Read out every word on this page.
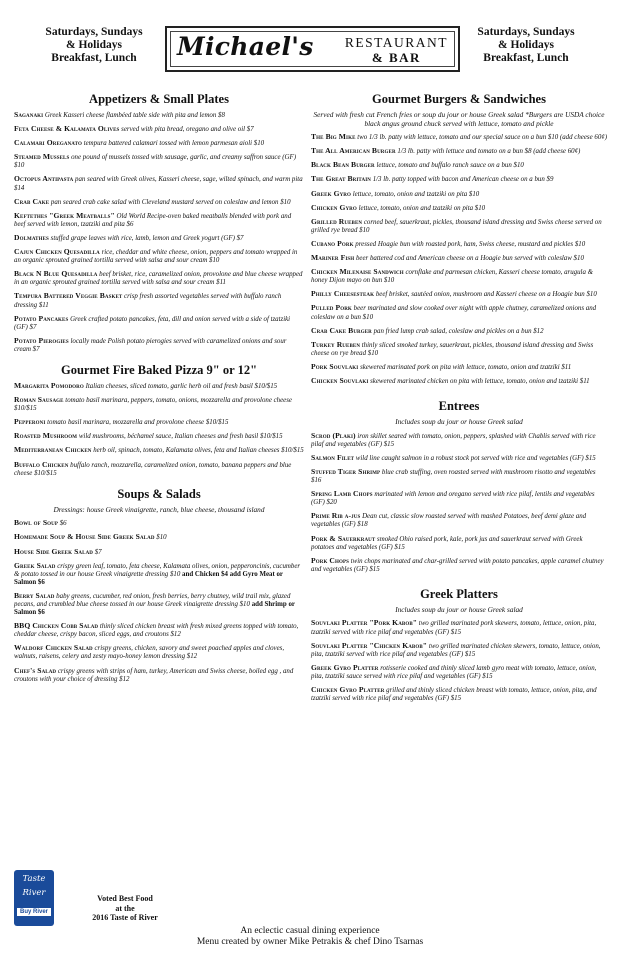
Saturdays, Sundays
& Holidays
Breakfast, Lunch	Michael's RESTAURANT
& BAR
Saturdays, Sundays
& Holidays
Breakfast, Lunch
Appetizers & Small Plates
Saganaki Greek Kasseri cheese flambéed table side with pita and lemon $8
Feta Cheese & Kalamata Olives served with pita bread, oregano and olive oil $7
Calamari Oreganato tempura battered calamari tossed with lemon parmesan aioli $10
Steamed Mussels one pound of mussels tossed with sausage, garlic, and creamy saffron sauce (GF) $10
Octopus Antipasta pan seared with Greek olives, Kasseri cheese, sage, wilted spinach, and warm pita $14
Crab Cake pan seared crab cake salad with Cleveland mustard served on coleslaw and lemon $10
Keftethes "Greek Meatballs" Old World Recipe-oven baked meatballs blended with pork and beef served with lemon, tzatziki and pita $6
Dolmathes stuffed grape leaves with rice, lamb, lemon and Greek yogurt (GF) $7
Cajun Chicken Quesadilla rice, cheddar and white cheese, onion, peppers and tomato wrapped in an organic sprouted grained tortilla served with salsa and sour cream $10
Black N Blue Quesadilla beef brisket, rice, caramelized onion, provolone and blue cheese wrapped in an organic sprouted grained tortilla served with salsa and sour cream $11
Tempura Battered Veggie Basket crisp fresh assorted vegetables served with buffalo ranch dressing $11
Potato Pancakes Greek crafted potato pancakes, feta, dill and onion served with a side of tzatziki (GF) $7
Potato Pierogies locally made Polish potato pierogies served with caramelized onions and sour cream $7
Gourmet Fire Baked Pizza 9" or 12"
Margarita Pomodoro Italian cheeses, sliced tomato, garlic herb oil and fresh basil $10/$15
Roman Sausage tomato basil marinara, peppers, tomato, onions, mozzarella and provolone cheese $10/$15
Pepperoni tomato basil marinara, mozzarella and provolone cheese $10/$15
Roasted Mushroom wild mushrooms, béchamel sauce, Italian cheeses and fresh basil $10/$15
Mediterranean Chicken herb oil, spinach, tomato, Kalamata olives, feta and Italian cheeses $10/$15
Buffalo Chicken buffalo ranch, mozzarella, caramelized onion, tomato, banana peppers and blue cheese $10/$15
Soups & Salads
Dressings: house Greek vinaigrette, ranch, blue cheese, thousand island
Bowl of Soup $6
Homemade Soup & House Side Greek Salad $10
House Side Greek Salad $7
Greek Salad crispy green leaf, tomato, feta cheese, Kalamata olives, onion, pepperoncinis, cucumber & potato tossed in our house Greek vinaigrette dressing $10 and Chicken $4 add Gyro Meat or Salmon $6
Berry Salad baby greens, cucumber, red onion, fresh berries, berry chutney, wild trail mix, glazed pecans, and crumbled blue cheese tossed in our house Greek vinaigrette dressing $10 add Shrimp or Salmon $6
BBQ Chicken Cobb Salad thinly sliced chicken breast with fresh mixed greens topped with tomato, cheddar cheese, crispy bacon, sliced eggs, and croutons $12
Waldorf Chicken Salad crispy greens, chicken, savory and sweet poached apples and cloves, walnuts, raisens, celery and zesty mayo-honey lemon dressing $12
Chef's Salad crispy greens with strips of ham, turkey, American and Swiss cheese, boiled egg , and croutons with your choice of dressing $12
Gourmet Burgers & Sandwiches
Served with fresh cut French fries or soup du jour or house Greek salad *Burgers are USDA choice black angus ground chuck served with lettuce, tomato and pickle
The Big Mike two 1/3 lb. patty with lettuce, tomato and our special sauce on a bun $10 (add cheese 60¢)
The All American Burger 1/3 lb. patty with lettuce and tomato on a bun $8 (add cheese 60¢)
Black Bean Burger lettuce, tomato and buffalo ranch sauce on a bun $10
The Great Britain 1/3 lb. patty topped with bacon and American cheese on a bun $9
Greek Gyro lettuce, tomato, onion and tzatziki on pita $10
Chicken Gyro lettuce, tomato, onion and tzatziki on pita $10
Grilled Rueben corned beef, sauerkraut, pickles, thousand island dressing and Swiss cheese served on grilled rye bread $10
Cubano Pork pressed Hoagie bun with roasted pork, ham, Swiss cheese, mustard and pickles $10
Mariner Fish beer battered cod and American cheese on a Hoagie bun served with coleslaw $10
Chicken Milenaise Sandwich cornflake and parmesan chicken, Kasseri cheese tomato, arugula & honey Dijon mayo on bun $10
Philly Cheesesteak beef brisket, sautéed onion, mushroom and Kasseri cheese on a Hoagie bun $10
Pulled Pork beer marinated and slow cooked over night with apple chutney, caramelized onions and coleslaw on a bun $10
Crab Cake Burger pan fried lump crab salad, coleslaw and pickles on a bun $12
Turkey Rueben thinly sliced smoked turkey, sauerkraut, pickles, thousand island dressing and Swiss cheese on rye bread $10
Pork Souvlaki skewered marinated pork on pita with lettuce, tomato, onion and tzatziki $11
Chicken Souvlaki skewered marinated chicken on pita with lettuce, tomato, onion and tzatziki $11
Entrees
Includes soup du jour or house Greek salad
Scrod (Plaki) iron skillet seared with tomato, onion, peppers, splashed with Chablis served with rice pilaf and vegetables (GF) $15
Salmon Filet wild line caught salmon in a robust stock pot served with rice and vegetables (GF) $15
Stuffed Tiger Shrimp blue crab stuffing, oven roasted served with mushroom risotto and vegetables $16
Spring Lamb Chops marinated with lemon and oregano served with rice pilaf, lentils and vegetables (GF) $20
Prime Rib a-jus Dean cut, classic slow roasted served with mashed Potatoes, beef demi glaze and vegetables (GF) $18
Pork & Sauerkraut smoked Ohio raised pork, kale, pork jus and sauerkraut served with Greek potatoes and vegetables (GF) $15
Pork Chops twin chops marinated and char-grilled served with potato pancakes, apple caramel chutney and vegetables (GF) $15
Greek Platters
Includes soup du jour or house Greek salad
Souvlaki Platter "Pork Kabob" two grilled marinated pork skewers, tomato, lettuce, onion, pita, tzatziki served with rice pilaf and vegetables (GF) $15
Souvlaki Platter "Chicken Kabob" two grilled marinated chicken skewers, tomato, lettuce, onion, pita, tzatziki served with rice pilaf and vegetables (GF) $15
Greek Gyro Platter rotisserie cooked and thinly sliced lamb gyro meat with tomato, lettuce, onion, pita, tzatziki sauce served with rice pilaf and vegetables (GF) $15
Chicken Gyro Platter grilled and thinly sliced chicken breast with tomato, lettuce, onion, pita, and tzatziki served with rice pilaf and vegetables (GF) $15
Taste
River
Buy River
Voted Best Food
at the
2016 Taste of River
An eclectic casual dining experience
Menu created by owner Mike Petrakis & chef Dino Tsarnas
